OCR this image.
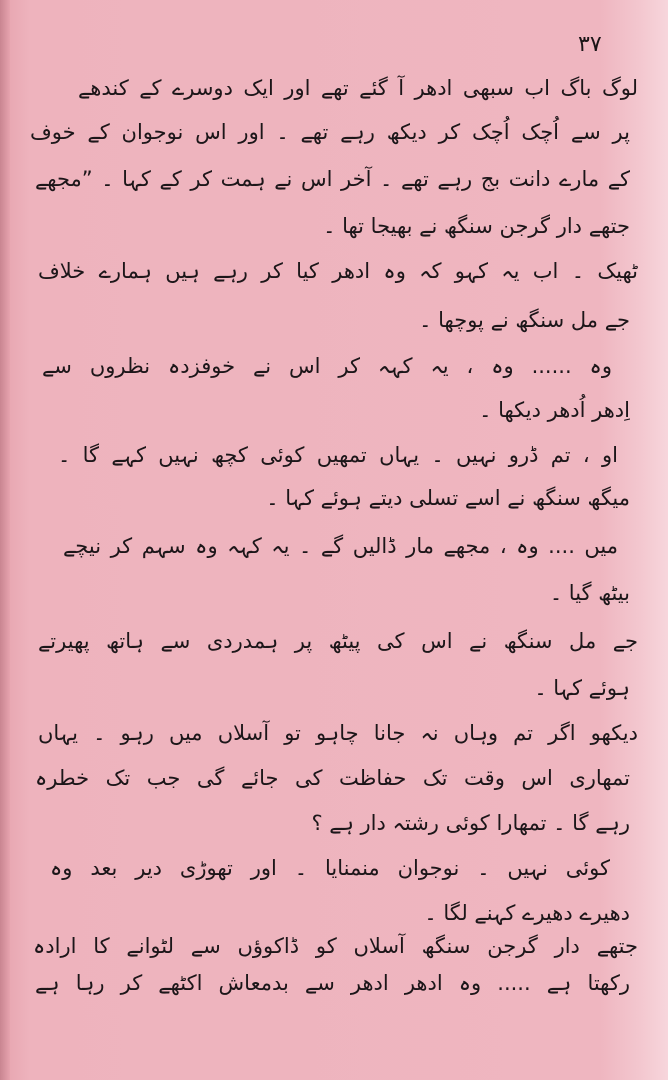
۳۷
لوگ باگ اب سبھی ادھر آ گئے تھے اور ایک دوسرے کے کندھے
پر سے اُچک اُچک کر دیکھ رہے تھے ۔ اور اس نوجوان کے خوف
کے مارے دانت بج رہے تھے ۔ آخر اس نے ہمت کر کے کہا ۔ ”مجھے
جتھے دار گرجن سنگھ نے بھیجا تھا ۔
ٹھیک ۔ اب یہ کہو کہ وہ ادھر کیا کر رہے ہیں ہمارے خلاف
جے مل سنگھ نے پوچھا ۔
وہ ...... وہ ، یہ کہہ کر اس نے خوفزدہ نظروں سے
اِدھر اُدھر دیکھا ۔
او ، تم ڈرو نہیں ۔ یہاں تمھیں کوئی کچھ نہیں کہے گا ۔
میگھ سنگھ نے اسے تسلی دیتے ہوئے کہا ۔
میں .... وہ ، مجھے مار ڈالیں گے ۔ یہ کہہ وہ سہم کر نیچے
بیٹھ گیا ۔
جے مل سنگھ نے اس کی پیٹھ پر ہمدردی سے ہاتھ پھیرتے
ہوئے کہا ۔
دیکھو اگر تم وہاں نہ جانا چاہو تو آسلاں میں رہو ۔ یہاں
تمھاری اس وقت تک حفاظت کی جائے گی جب تک خطرہ
رہے گا ۔ تمھارا کوئی رشتہ دار ہے ؟
کوئی نہیں ۔ نوجوان منمنایا ۔ اور تھوڑی دیر بعد وہ
دھیرے دھیرے کہنے لگا ۔
جتھے دار گرجن سنگھ آسلاں کو ڈاکوؤں سے لٹوانے کا ارادہ
رکھتا ہے ..... وہ ادھر ادھر سے بدمعاش اکٹھے کر رہا ہے
